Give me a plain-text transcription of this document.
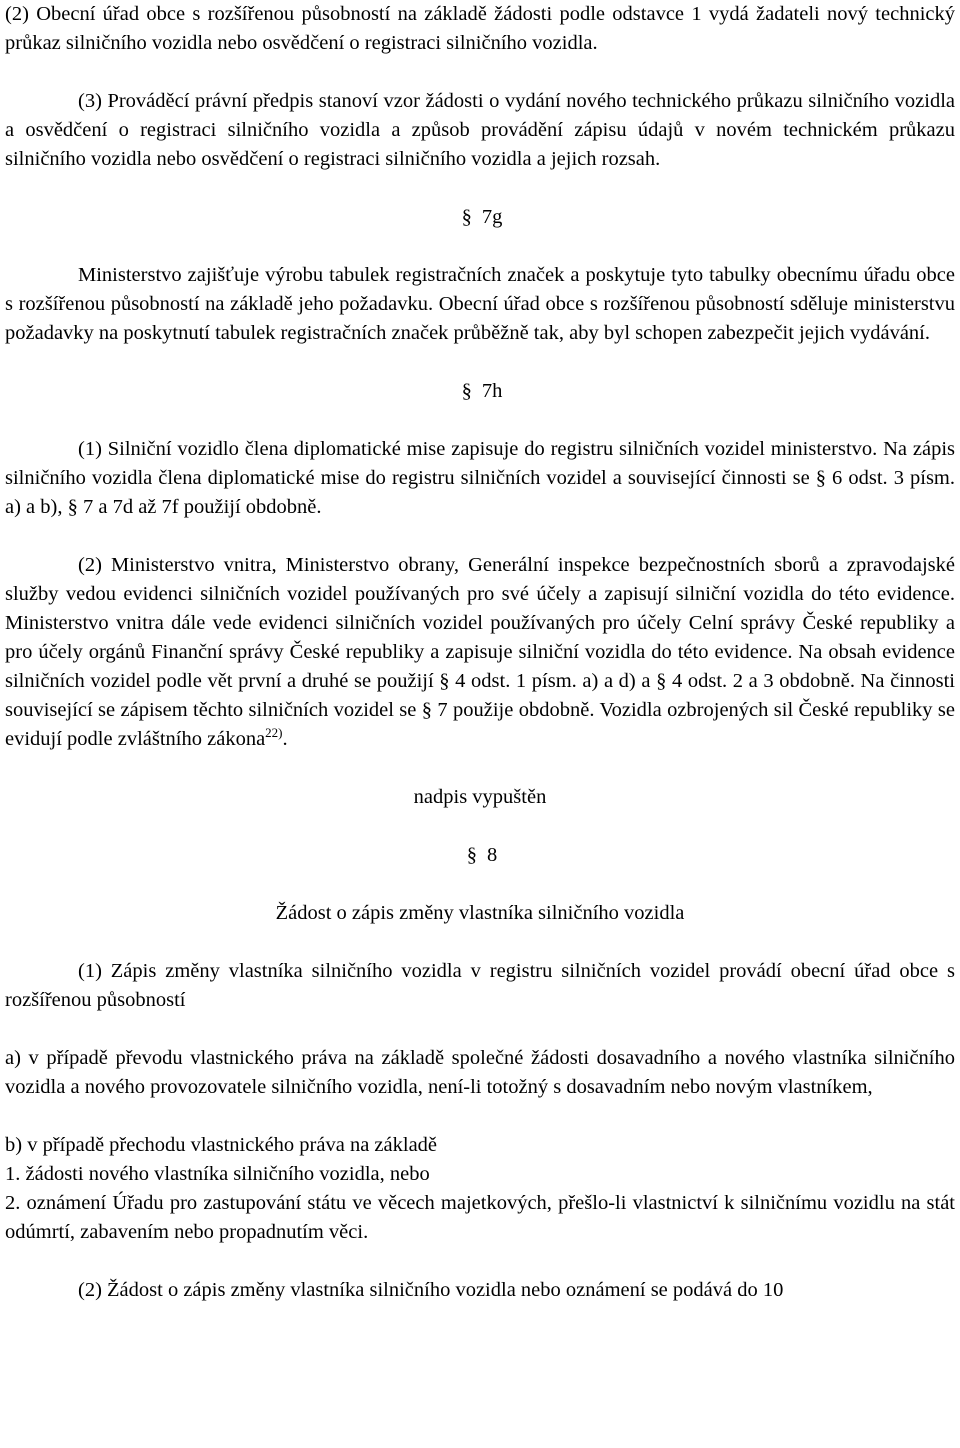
(2) Obecní úřad obce s rozšířenou působností na základě žádosti podle odstavce 1 vydá žadateli nový technický průkaz silničního vozidla nebo osvědčení o registraci silničního vozidla.

(3) Prováděcí právní předpis stanoví vzor žádosti o vydání nového technického průkazu silničního vozidla a osvědčení o registraci silničního vozidla a způsob provádění zápisu údajů v novém technickém průkazu silničního vozidla nebo osvědčení o registraci silničního vozidla a jejich rozsah.

§ 7g

Ministerstvo zajišťuje výrobu tabulek registračních značek a poskytuje tyto tabulky obecnímu úřadu obce s rozšířenou působností na základě jeho požadavku. Obecní úřad obce s rozšířenou působností sděluje ministerstvu požadavky na poskytnutí tabulek registračních značek průběžně tak, aby byl schopen zabezpečit jejich vydávání.

§ 7h

(1) Silniční vozidlo člena diplomatické mise zapisuje do registru silničních vozidel ministerstvo. Na zápis silničního vozidla člena diplomatické mise do registru silničních vozidel a související činnosti se § 6 odst. 3 písm. a) a b), § 7 a 7d až 7f použijí obdobně.

(2) Ministerstvo vnitra, Ministerstvo obrany, Generální inspekce bezpečnostních sborů a zpravodajské služby vedou evidenci silničních vozidel používaných pro své účely a zapisují silniční vozidla do této evidence. Ministerstvo vnitra dále vede evidenci silničních vozidel používaných pro účely Celní správy České republiky a pro účely orgánů Finanční správy České republiky a zapisuje silniční vozidla do této evidence. Na obsah evidence silničních vozidel podle vět první a druhé se použijí § 4 odst. 1 písm. a) a d) a § 4 odst. 2 a 3 obdobně. Na činnosti související se zápisem těchto silničních vozidel se § 7 použije obdobně. Vozidla ozbrojených sil České republiky se evidují podle zvláštního zákona$^{22)}$.

nadpis vypuštěn

§ 8

Žádost o zápis změny vlastníka silničního vozidla

(1) Zápis změny vlastníka silničního vozidla v registru silničních vozidel provádí obecní úřad obce s rozšířenou působností

a) v případě převodu vlastnického práva na základě společné žádosti dosavadního a nového vlastníka silničního vozidla a nového provozovatele silničního vozidla, není-li totožný s dosavadním nebo novým vlastníkem,

b) v případě přechodu vlastnického práva na základě

1. žádosti nového vlastníka silničního vozidla, nebo

2. oznámení Úřadu pro zastupování státu ve věcech majetkových, přešlo-li vlastnictví k silničnímu vozidlu na stát odúmrtí, zabavením nebo propadnutím věci.

(2) Žádost o zápis změny vlastníka silničního vozidla nebo oznámení se podává do 10
